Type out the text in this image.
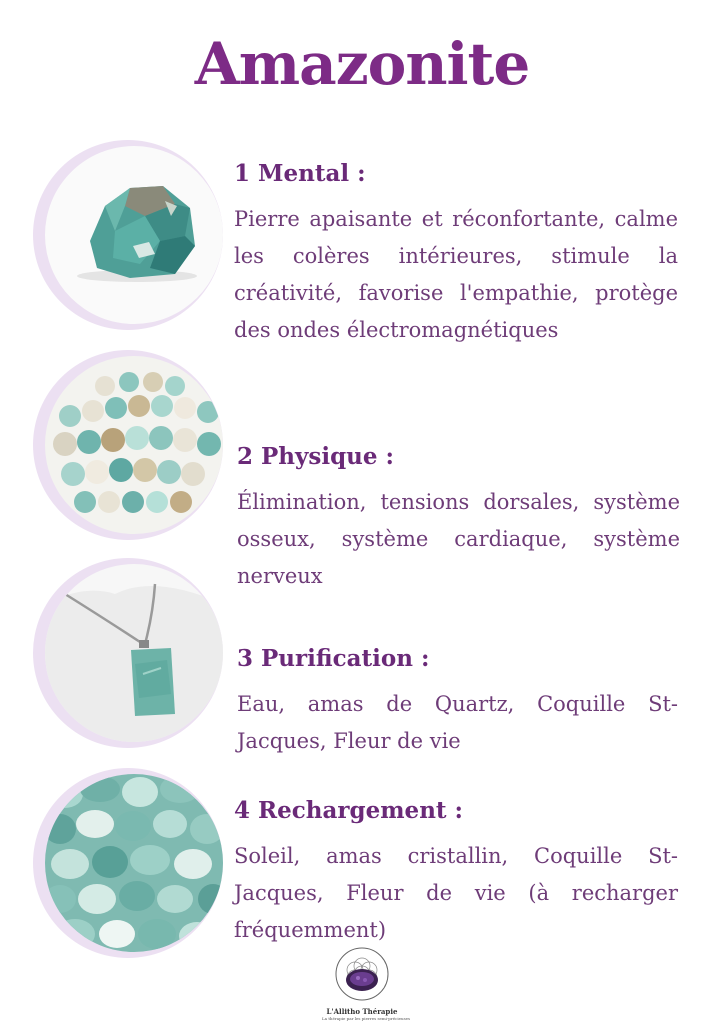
Amazonite
1 Mental :
Pierre apaisante et réconfortante, calme les colères intérieures, stimule la créativité, favorise l'empathie, protège des ondes électromagnétiques
2 Physique :
Élimination, tensions dorsales, système osseux, système cardiaque, système nerveux
3 Purification :
Eau, amas de Quartz, Coquille St-Jacques, Fleur de vie
4 Rechargement :
Soleil, amas cristallin, Coquille St-Jacques, Fleur de vie (à recharger fréquemment)
L'Allitho Thérapie
La thérapie par les pierres semi-précieuses
